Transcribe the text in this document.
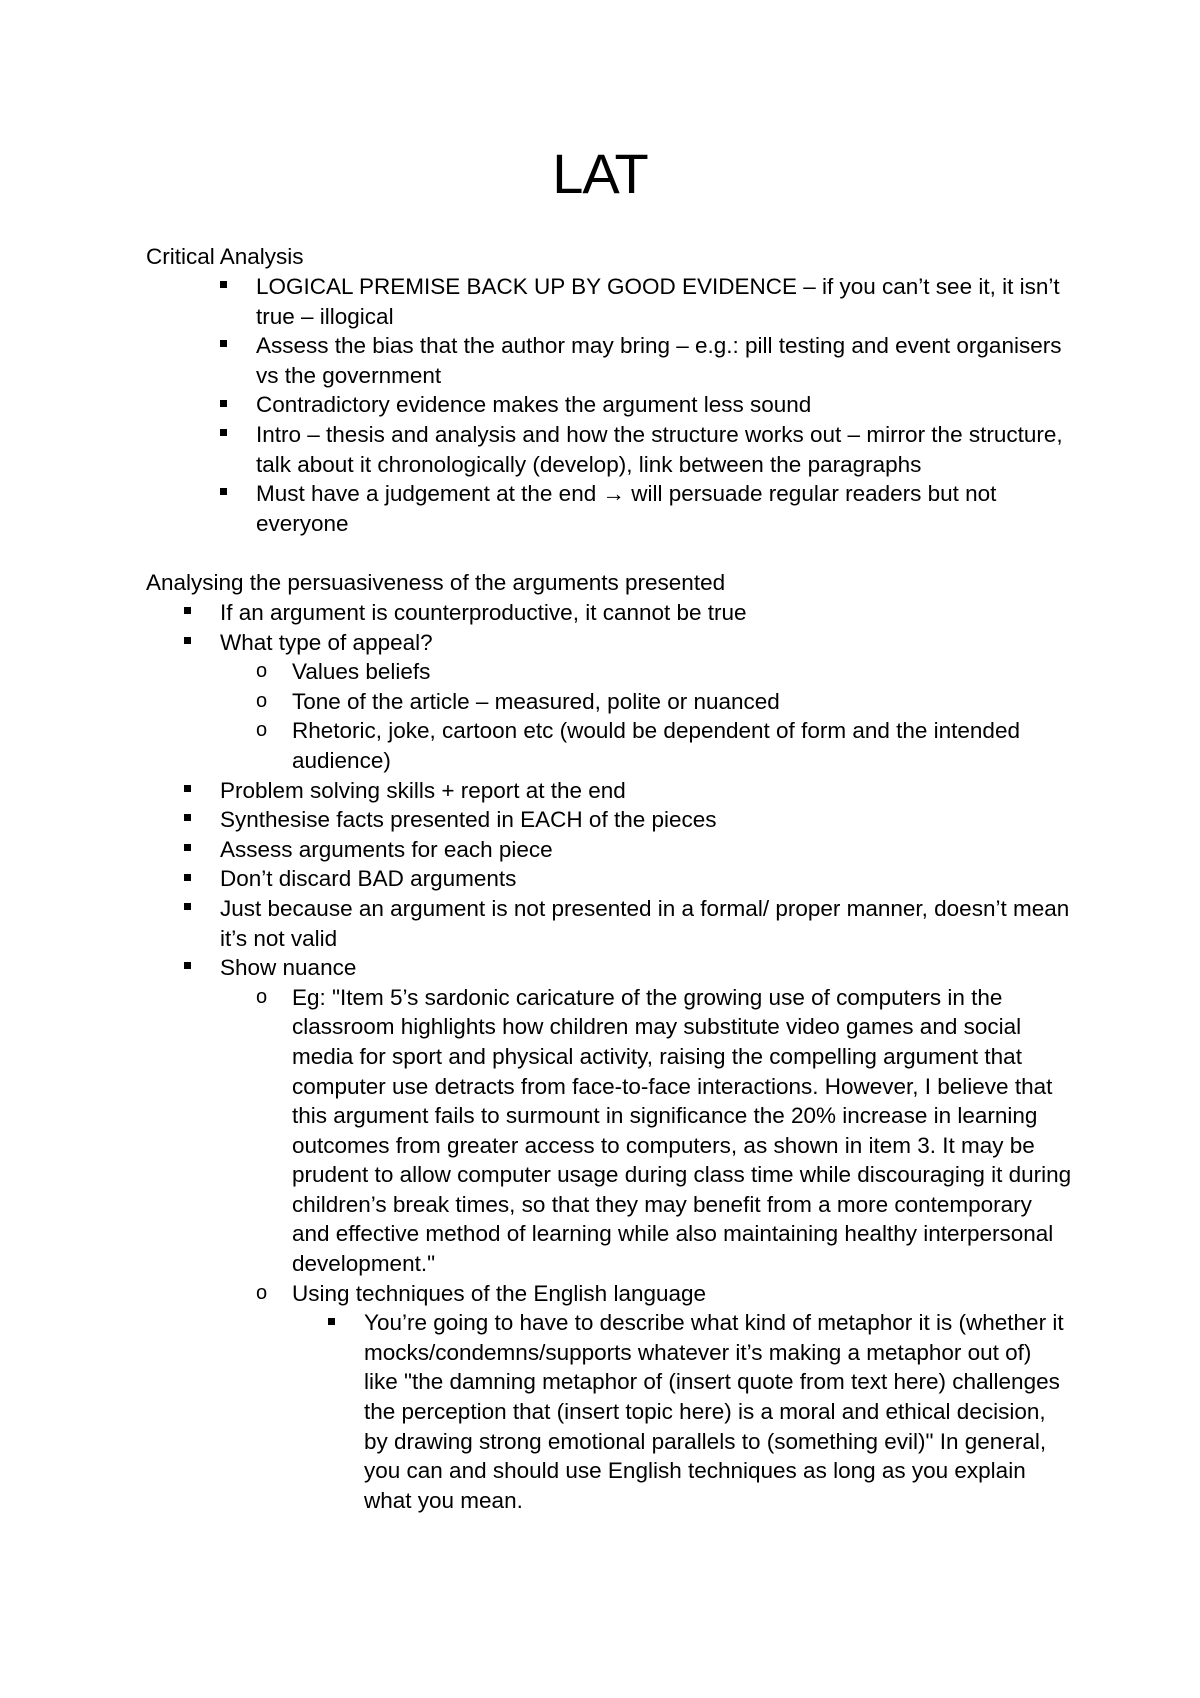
LAT
Critical Analysis
LOGICAL PREMISE BACK UP BY GOOD EVIDENCE – if you can’t see it, it isn’t true – illogical
Assess the bias that the author may bring – e.g.: pill testing and event organisers vs the government
Contradictory evidence makes the argument less sound
Intro – thesis and analysis and how the structure works out – mirror the structure, talk about it chronologically (develop), link between the paragraphs
Must have a judgement at the end → will persuade regular readers but not everyone
Analysing the persuasiveness of the arguments presented
If an argument is counterproductive, it cannot be true
What type of appeal?
o	Values beliefs
o	Tone of the article – measured, polite or nuanced
o	Rhetoric, joke, cartoon etc (would be dependent of form and the intended audience)
Problem solving skills + report at the end
Synthesise facts presented in EACH of the pieces
Assess arguments for each piece
Don’t discard BAD arguments
Just because an argument is not presented in a formal/ proper manner, doesn’t mean it’s not valid
Show nuance
o	Eg: "Item 5’s sardonic caricature of the growing use of computers in the classroom highlights how children may substitute video games and social media for sport and physical activity, raising the compelling argument that computer use detracts from face-to-face interactions. However, I believe that this argument fails to surmount in significance the 20% increase in learning outcomes from greater access to computers, as shown in item 3. It may be prudent to allow computer usage during class time while discouraging it during children’s break times, so that they may benefit from a more contemporary and effective method of learning while also maintaining healthy interpersonal development."
o	Using techniques of the English language
You’re going to have to describe what kind of metaphor it is (whether it mocks/condemns/supports whatever it’s making a metaphor out of) like "the damning metaphor of (insert quote from text here) challenges the perception that (insert topic here) is a moral and ethical decision, by drawing strong emotional parallels to (something evil)" In general, you can and should use English techniques as long as you explain what you mean.
